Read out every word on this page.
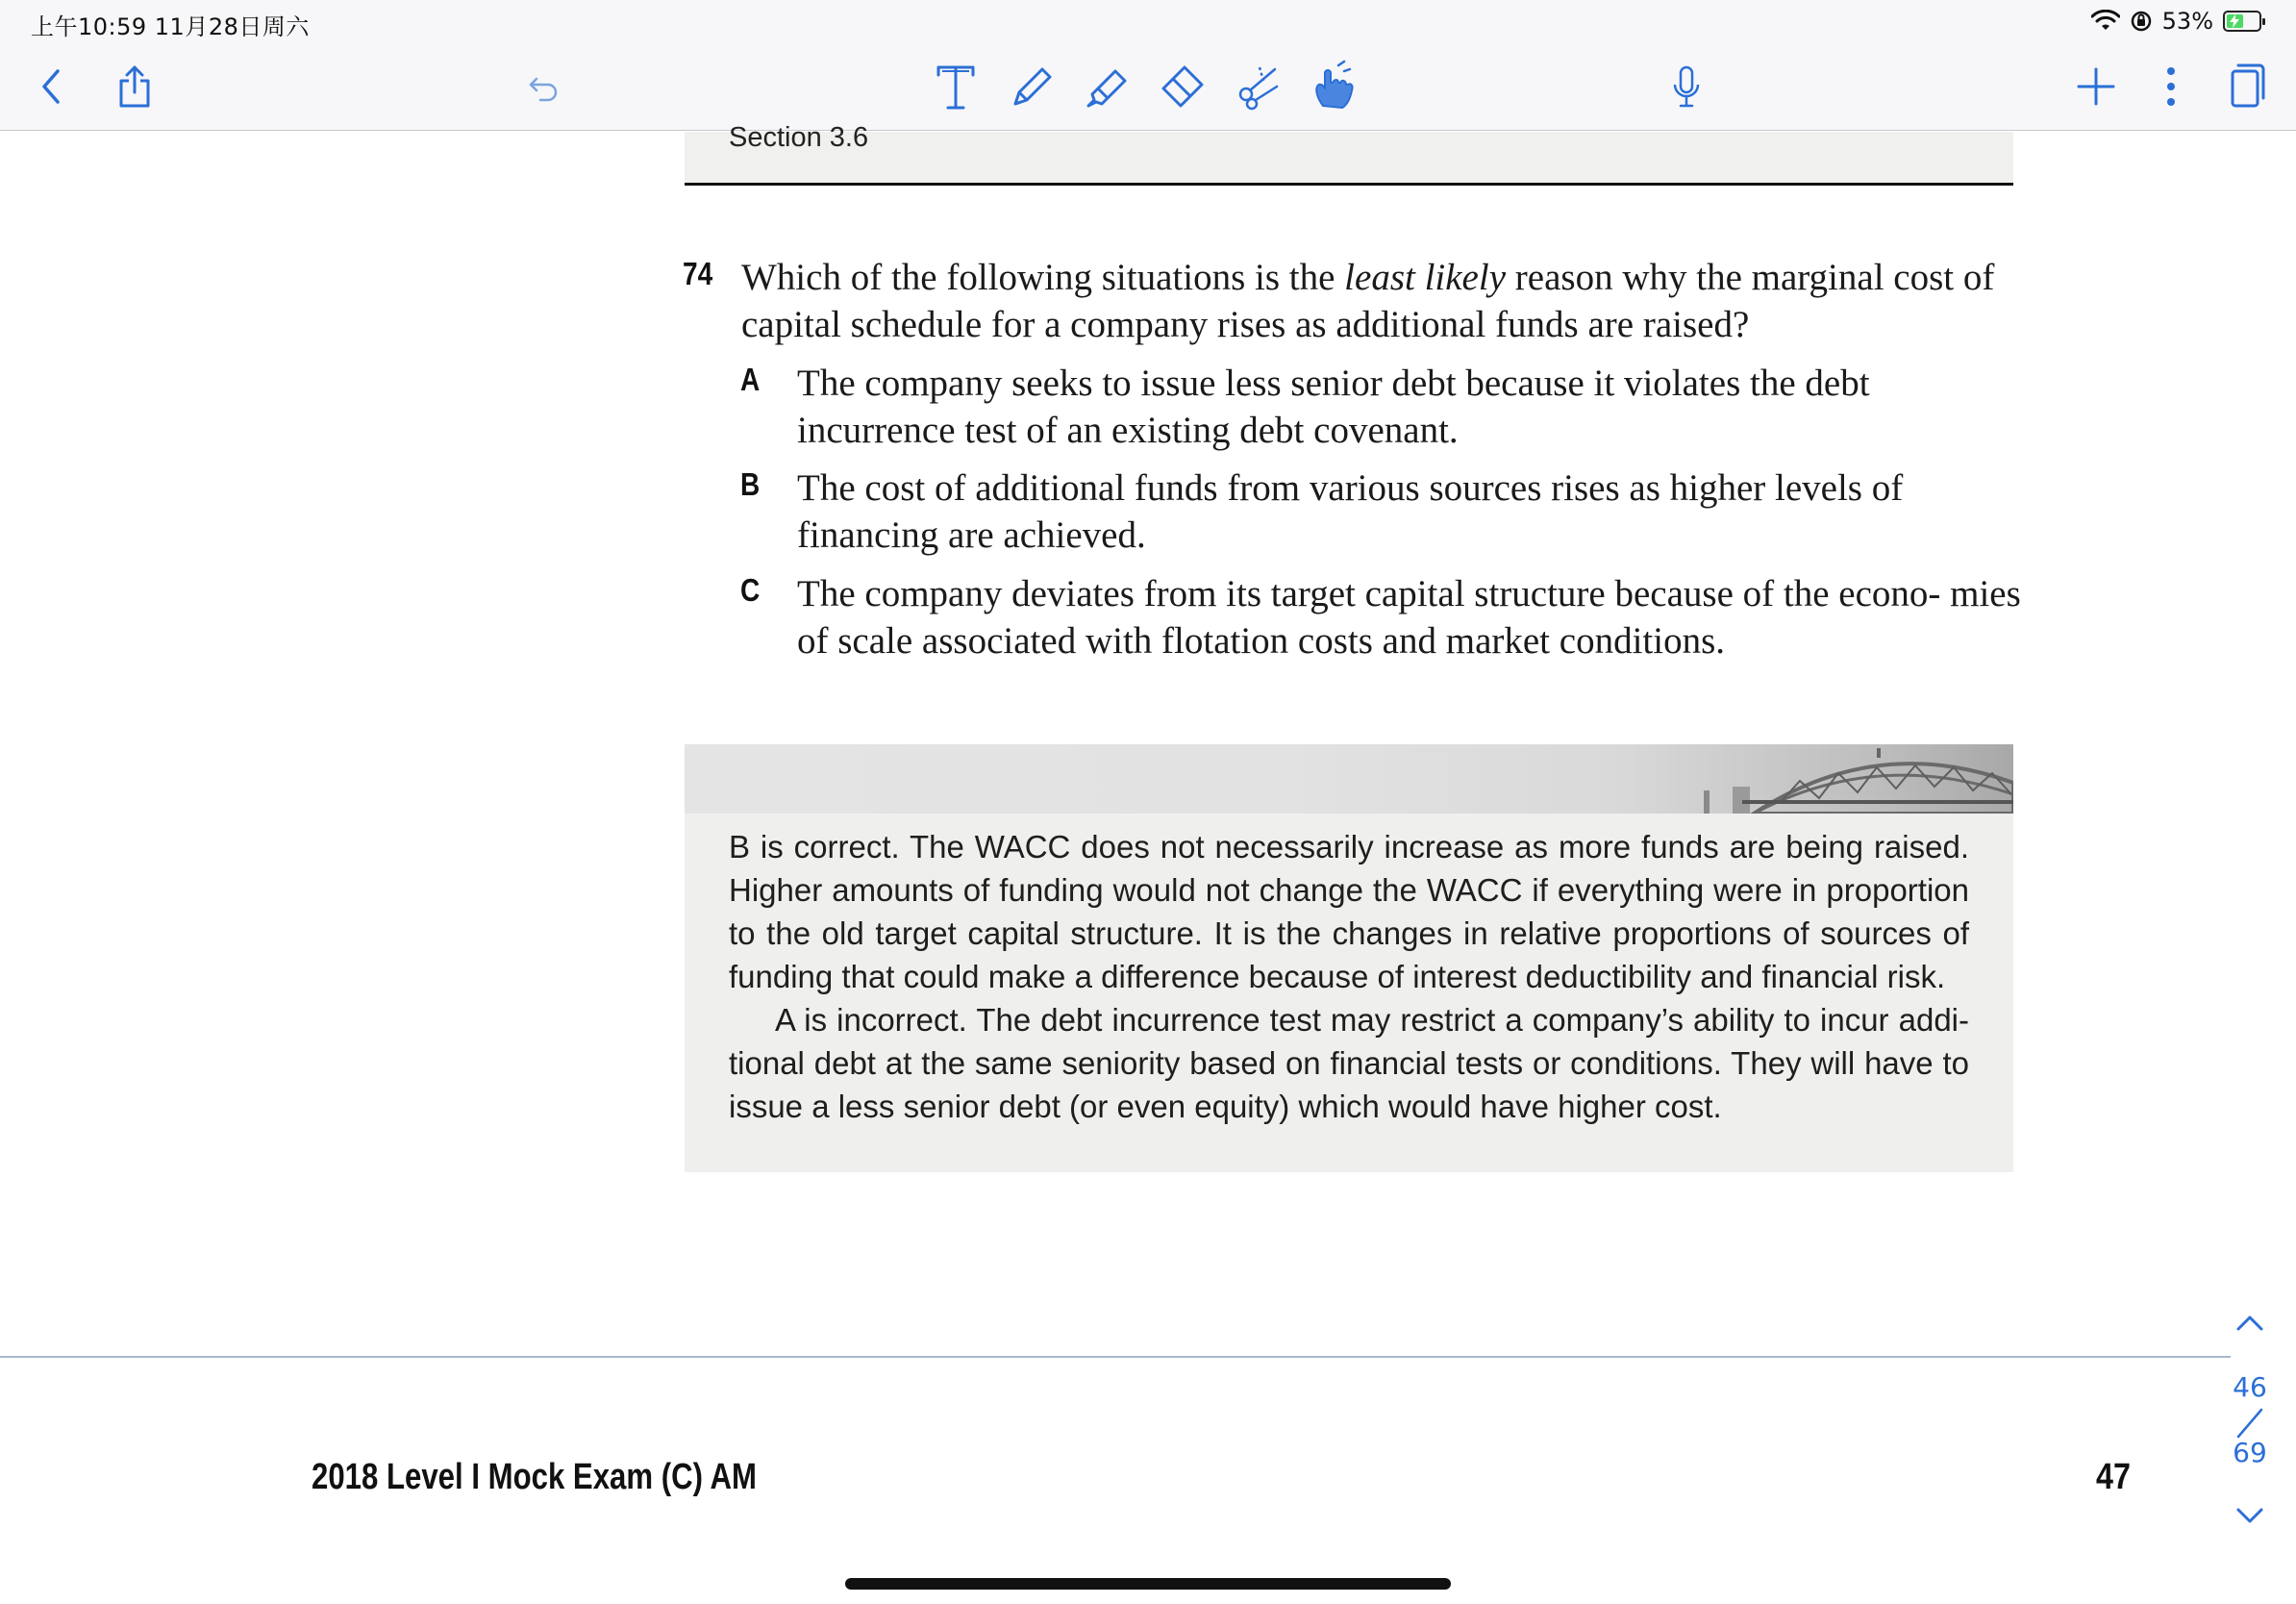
上午10:59 11月28日周六	53%
Section 3.6
74 Which of the following situations is the least likely reason why the marginal cost of capital schedule for a company rises as additional funds are raised?
A The company seeks to issue less senior debt because it violates the debt incurrence test of an existing debt covenant.
B The cost of additional funds from various sources rises as higher levels of financing are achieved.
C The company deviates from its target capital structure because of the econo- mies of scale associated with flotation costs and market conditions.

B is correct. The WACC does not necessarily increase as more funds are being raised. Higher amounts of funding would not change the WACC if everything were in proportion to the old target capital structure. It is the changes in relative proportions of sources of funding that could make a difference because of interest deductibility and financial risk.

A is incorrect. The debt incurrence test may restrict a company’s ability to incur addi- tional debt at the same seniority based on financial tests or conditions. They will have to issue a less senior debt (or even equity) which would have higher cost.

2018 Level I Mock Exam (C) AM	47
46
69
